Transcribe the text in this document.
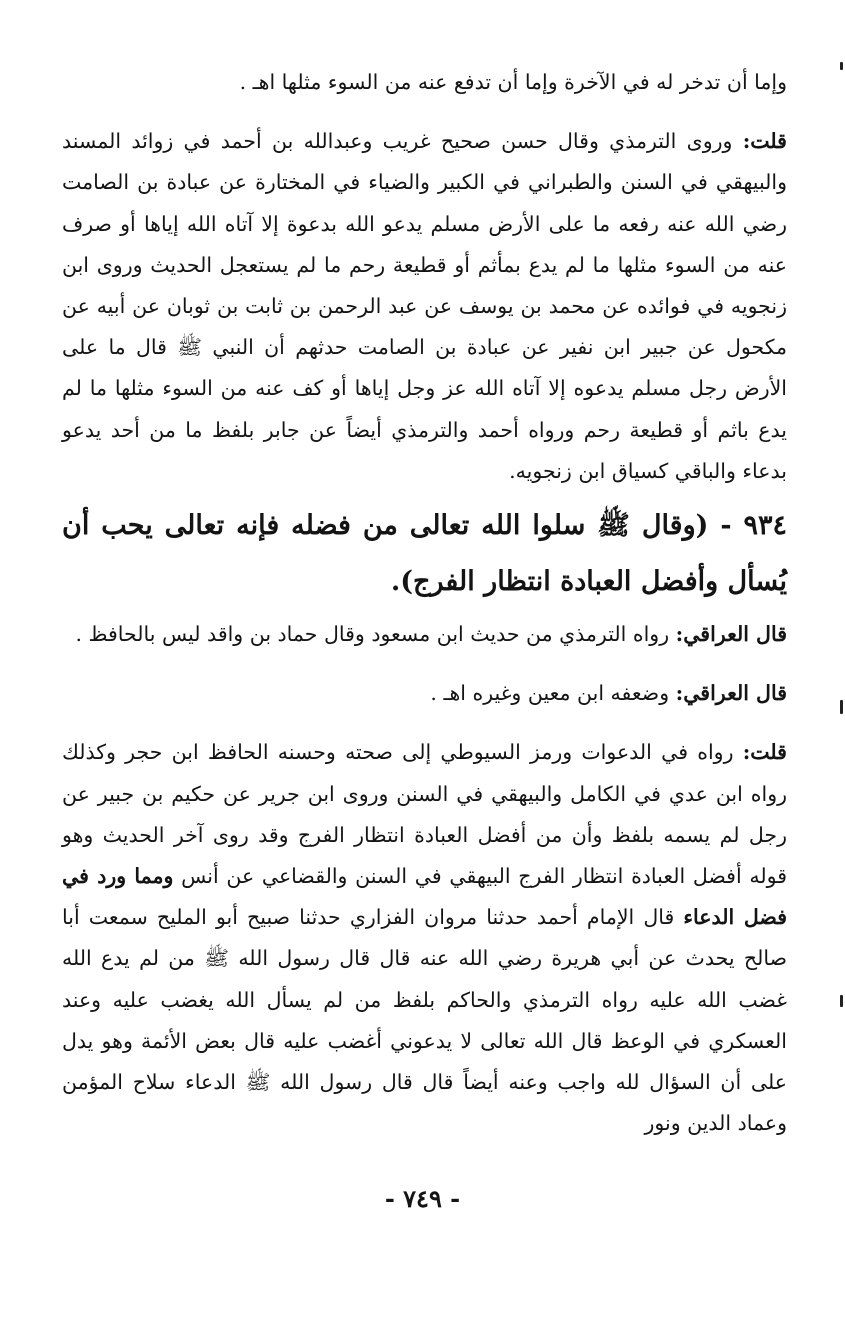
وإما أن تدخر له في الآخرة وإما أن تدفع عنه من السوء مثلها اهـ .

قلت: وروى الترمذي وقال حسن صحيح غريب وعبدالله بن أحمد في زوائد المسند والبيهقي في السنن والطبراني في الكبير والضياء في المختارة عن عبادة بن الصامت رضي الله عنه رفعه ما على الأرض مسلم يدعو الله بدعوة إلا آتاه الله إياها أو صرف عنه من السوء مثلها ما لم يدع بمأثم أو قطيعة رحم ما لم يستعجل الحديث وروى ابن زنجويه في فوائده عن محمد بن يوسف عن عبد الرحمن بن ثابت بن ثوبان عن أبيه عن مكحول عن جبير ابن نفير عن عبادة بن الصامت حدثهم أن النبي ﷺ قال ما على الأرض رجل مسلم يدعوه إلا آتاه الله عز وجل إياها أو كف عنه من السوء مثلها ما لم يدع باثم أو قطيعة رحم ورواه أحمد والترمذي أيضاً عن جابر بلفظ ما من أحد يدعو بدعاء والباقي كسياق ابن زنجويه.

٩٣٤ - (وقال ﷺ سلوا الله تعالى من فضله فإنه تعالى يحب أن يُسأل وأفضل العبادة انتظار الفرج).

قال العراقي: رواه الترمذي من حديث ابن مسعود وقال حماد بن واقد ليس بالحافظ .

قال العراقي: وضعفه ابن معين وغيره اهـ .

قلت: رواه في الدعوات ورمز السيوطي إلى صحته وحسنه الحافظ ابن حجر وكذلك رواه ابن عدي في الكامل والبيهقي في السنن وروى ابن جرير عن حكيم بن جبير عن رجل لم يسمه بلفظ وأن من أفضل العبادة انتظار الفرج وقد روى آخر الحديث وهو قوله أفضل العبادة انتظار الفرج البيهقي في السنن والقضاعي عن أنس ومما ورد في فضل الدعاء قال الإمام أحمد حدثنا مروان الفزاري حدثنا صبيح أبو المليح سمعت أبا صالح يحدث عن أبي هريرة رضي الله عنه قال قال رسول الله ﷺ من لم يدع الله غضب الله عليه رواه الترمذي والحاكم بلفظ من لم يسأل الله يغضب عليه وعند العسكري في الوعظ قال الله تعالى لا يدعوني أغضب عليه قال بعض الأئمة وهو يدل على أن السؤال لله واجب وعنه أيضاً قال قال رسول الله ﷺ الدعاء سلاح المؤمن وعماد الدين ونور

- ٧٤٩ -
